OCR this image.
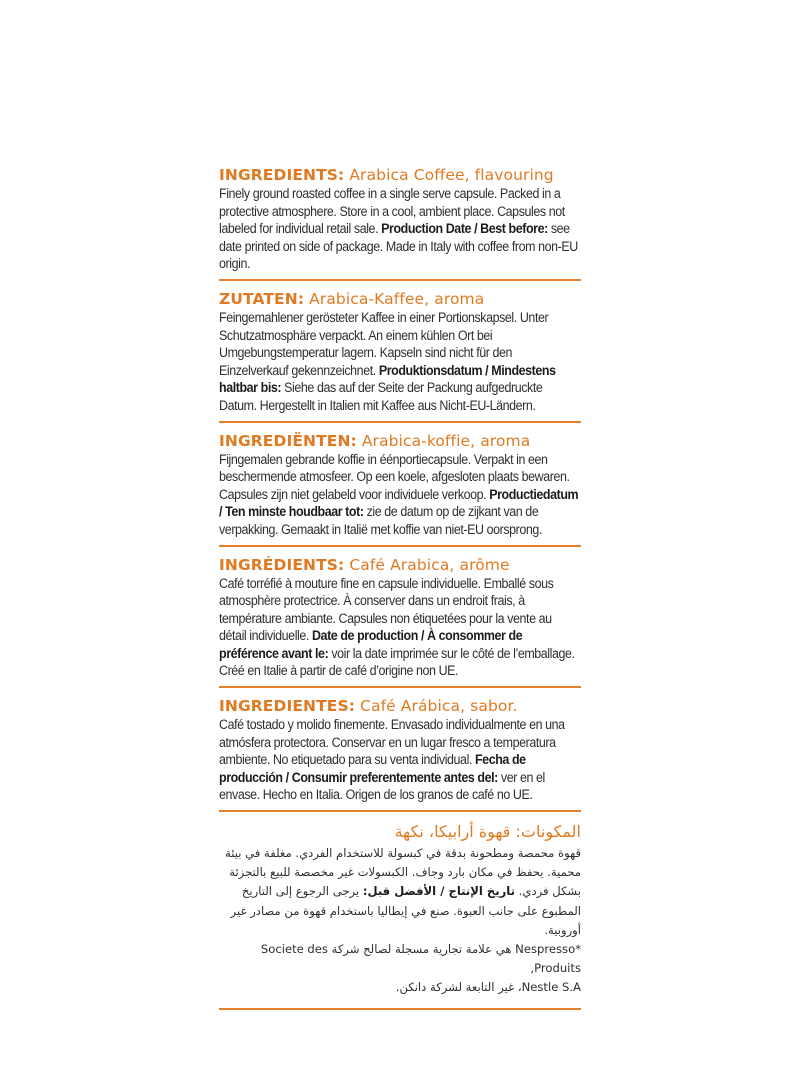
INGREDIENTS: Arabica Coffee, flavouring
Finely ground roasted coffee in a single serve capsule. Packed in a protective atmosphere. Store in a cool, ambient place. Capsules not labeled for individual retail sale. Production Date / Best before: see date printed on side of package. Made in Italy with coffee from non-EU origin.
ZUTATEN: Arabica-Kaffee, aroma
Feingemahlener gerösteter Kaffee in einer Portionskapsel. Unter Schutzatmosphäre verpackt. An einem kühlen Ort bei Umgebungstemperatur lagern. Kapseln sind nicht für den Einzelverkauf gekennzeichnet. Produktionsdatum / Mindestens haltbar bis: Siehe das auf der Seite der Packung aufgedruckte Datum. Hergestellt in Italien mit Kaffee aus Nicht-EU-Ländern.
INGREDIËNTEN: Arabica-koffie, aroma
Fijngemalen gebrande koffie in éénportiecapsule. Verpakt in een beschermende atmosfeer. Op een koele, afgesloten plaats bewaren. Capsules zijn niet gelabeld voor individuele verkoop. Productiedatum / Ten minste houdbaar tot: zie de datum op de zijkant van de verpakking. Gemaakt in Italië met koffie van niet-EU oorsprong.
INGRÉDIENTS: Café Arabica, arôme
Café torréfié à mouture fine en capsule individuelle. Emballé sous atmosphère protectrice. À conserver dans un endroit frais, à température ambiante. Capsules non étiquetées pour la vente au détail individuelle. Date de production / À consommer de préférence avant le: voir la date imprimée sur le côté de l’emballage. Créé en Italie à partir de café d’origine non UE.
INGREDIENTES: Café Arábica, sabor.
Café tostado y molido finemente. Envasado individualmente en una atmósfera protectora. Conservar en un lugar fresco a temperatura ambiente. No etiquetado para su venta individual. Fecha de producción / Consumir preferentemente antes del: ver en el envase. Hecho en Italia. Origen de los granos de café no UE.
المكونات: قهوة أرابيكا، نكهة
قهوة محمصة ومطحونة بدقة في كبسولة للاستخدام الفردي. مغلفة في بيئة محمية. يحفظ في مكان بارد وجاف. الكبسولات غير مخصصة للبيع بالتجزئة بشكل فردي. تاريخ الإنتاج / الأفضل قبل: يرجى الرجوع إلى التاريخ المطبوع على جانب العبوة. صنع في إيطاليا باستخدام قهوة من مصادر غير أوروبية.
*Nespresso هي علامة تجارية مسجلة لصالح شركة Societe des Produits,
Nestle S.A، غير التابعة لشركة دانكن.
